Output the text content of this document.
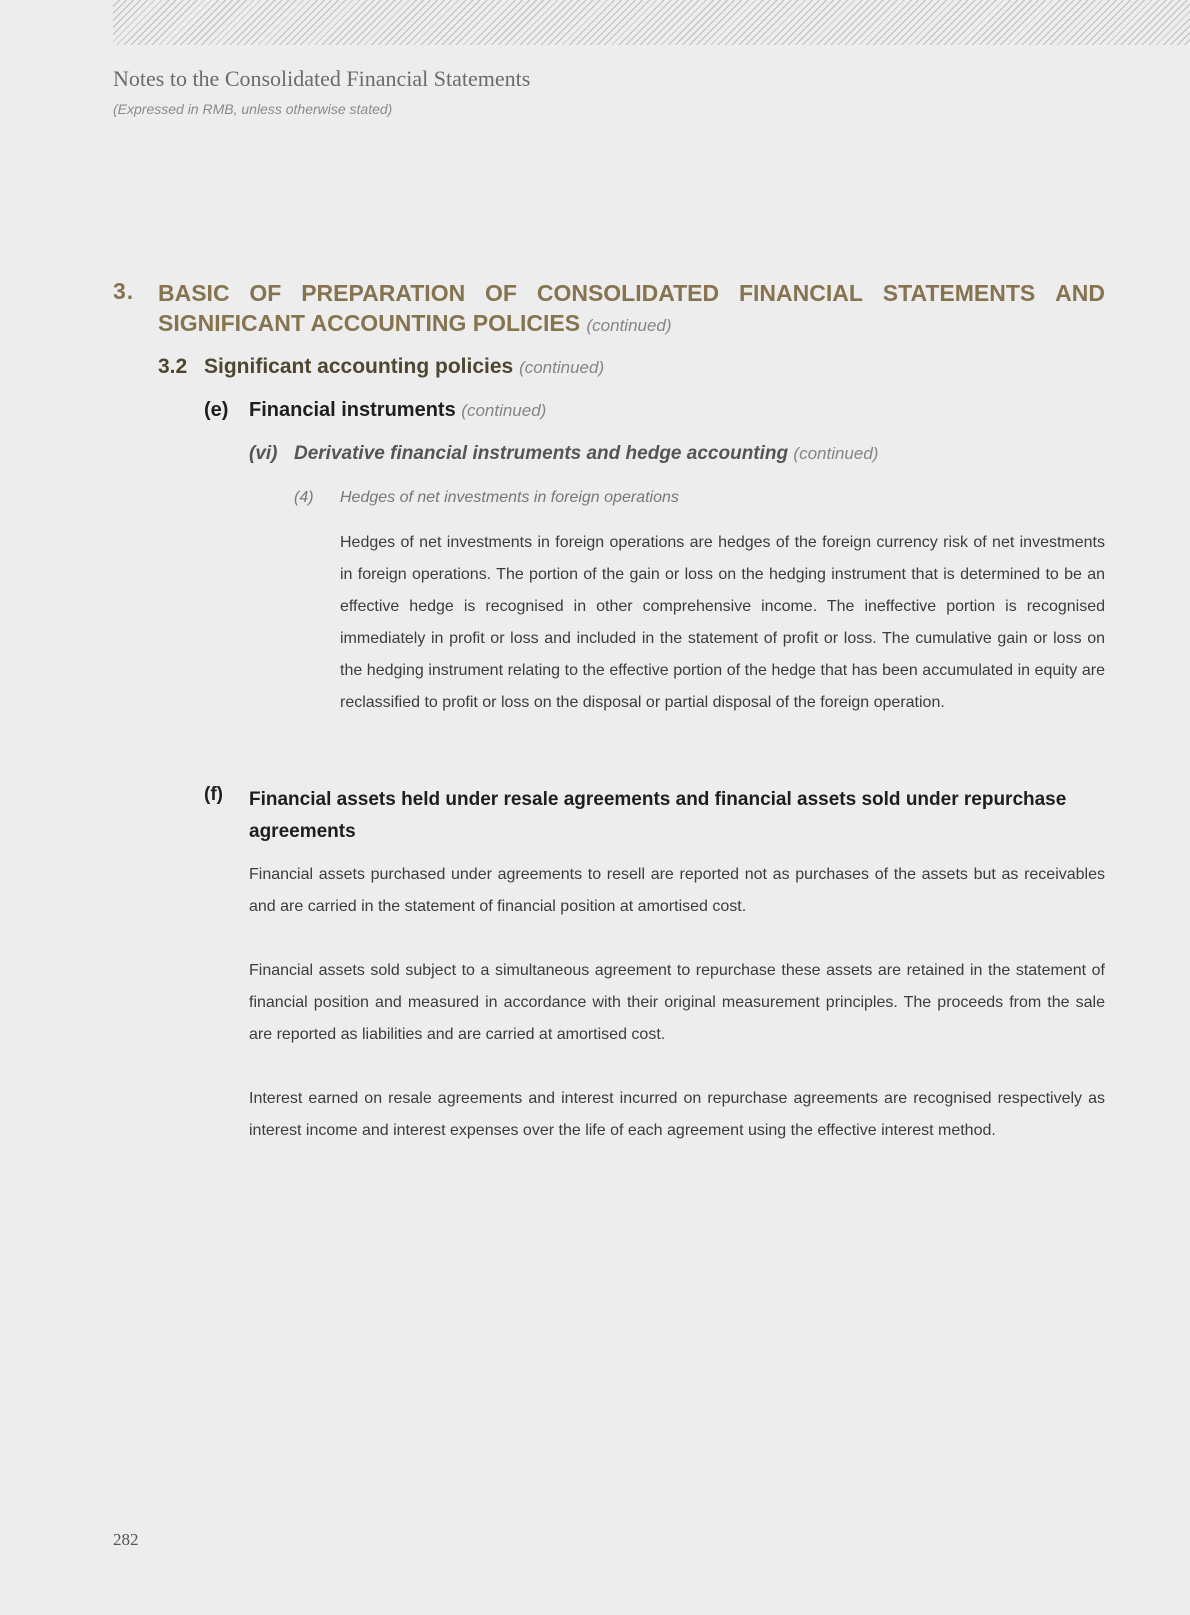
Notes to the Consolidated Financial Statements
(Expressed in RMB, unless otherwise stated)
3. BASIC OF PREPARATION OF CONSOLIDATED FINANCIAL STATEMENTS AND
SIGNIFICANT ACCOUNTING POLICIES (continued)
3.2 Significant accounting policies (continued)
(e) Financial instruments (continued)
(vi) Derivative financial instruments and hedge accounting (continued)
(4) Hedges of net investments in foreign operations

Hedges of net investments in foreign operations are hedges of the foreign currency risk of net investments in foreign operations. The portion of the gain or loss on the hedging instrument that is determined to be an effective hedge is recognised in other comprehensive income. The ineffective portion is recognised immediately in profit or loss and included in the statement of profit or loss. The cumulative gain or loss on the hedging instrument relating to the effective portion of the hedge that has been accumulated in equity are reclassified to profit or loss on the disposal or partial disposal of the foreign operation.

(f) Financial assets held under resale agreements and financial assets sold under repurchase agreements

Financial assets purchased under agreements to resell are reported not as purchases of the assets but as receivables and are carried in the statement of financial position at amortised cost.

Financial assets sold subject to a simultaneous agreement to repurchase these assets are retained in the statement of financial position and measured in accordance with their original measurement principles. The proceeds from the sale are reported as liabilities and are carried at amortised cost.

Interest earned on resale agreements and interest incurred on repurchase agreements are recognised respectively as interest income and interest expenses over the life of each agreement using the effective interest method.

282
